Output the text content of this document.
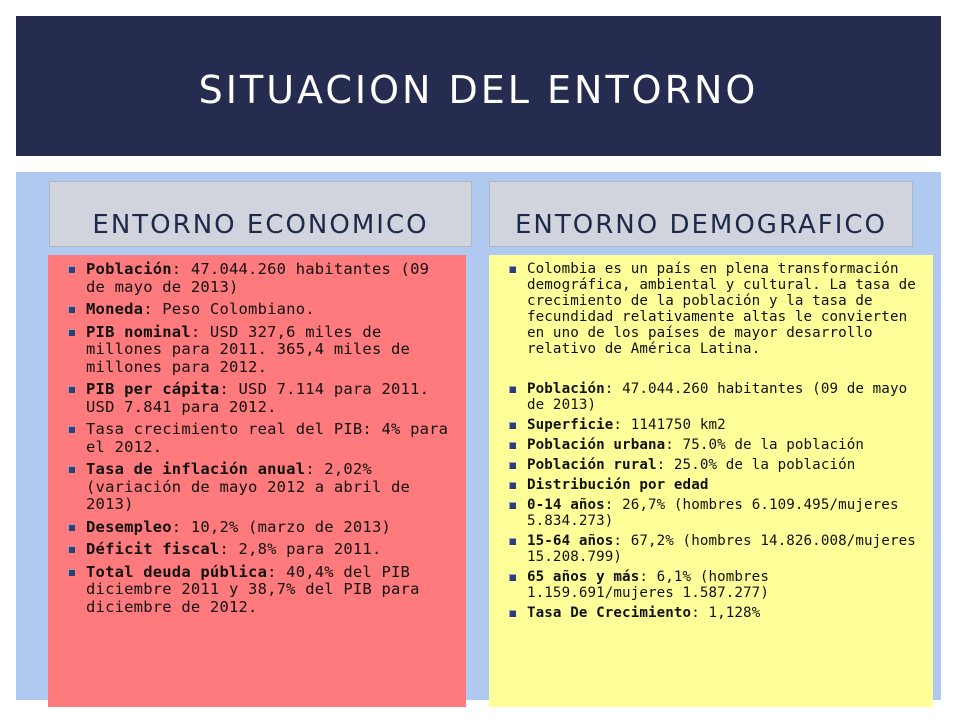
SITUACION DEL ENTORNO
ENTORNO ECONOMICO	ENTORNO DEMOGRAFICO
Población: 47.044.260 habitantes (09 de mayo de 2013)
Moneda: Peso Colombiano.
PIB nominal: USD 327,6 miles de millones para 2011. 365,4 miles de millones para 2012.
PIB per cápita: USD 7.114 para 2011. USD 7.841 para 2012.
Tasa crecimiento real del PIB: 4% para el 2012.
Tasa de inflación anual: 2,02% (variación de mayo 2012 a abril de 2013)
Desempleo: 10,2% (marzo de 2013)
Déficit fiscal: 2,8% para 2011.
Total deuda pública: 40,4% del PIB diciembre 2011 y 38,7% del PIB para diciembre de 2012.
Colombia es un país en plena transformación demográfica, ambiental y cultural. La tasa de crecimiento de la población y la tasa de fecundidad relativamente altas le convierten en uno de los países de mayor desarrollo relativo de América Latina.
Población: 47.044.260 habitantes (09 de mayo de 2013)
Superficie: 1141750 km2
Población urbana: 75.0% de la población
Población rural: 25.0% de la población
Distribución por edad
0-14 años: 26,7% (hombres 6.109.495/mujeres 5.834.273)
15-64 años: 67,2% (hombres 14.826.008/mujeres 15.208.799)
65 años y más: 6,1% (hombres 1.159.691/mujeres 1.587.277)
Tasa De Crecimiento: 1,128%
